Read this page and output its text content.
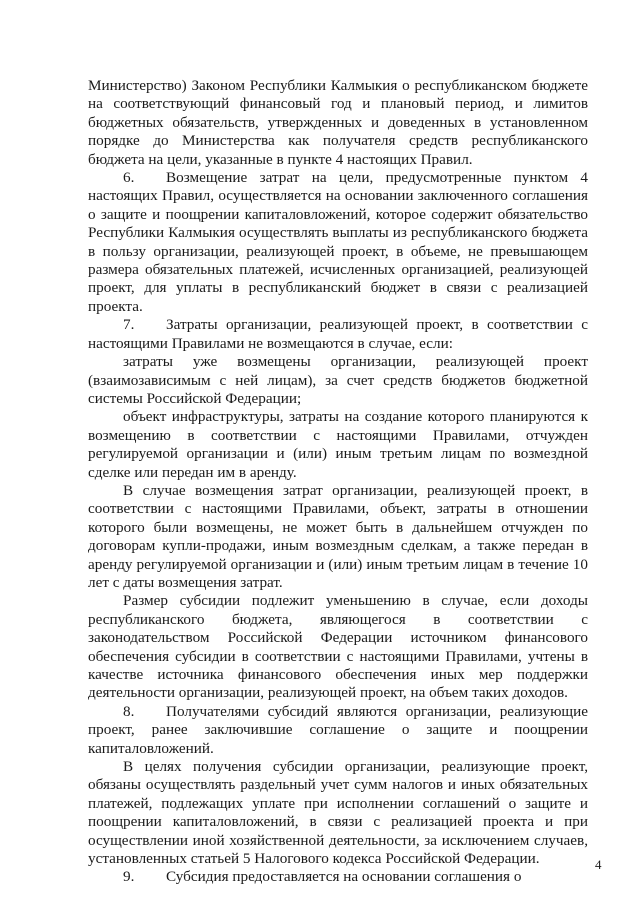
Министерство) Законом Республики Калмыкия о республиканском бюджете на соответствующий финансовый год и плановый период, и лимитов бюджетных обязательств, утвержденных и доведенных в установленном порядке до Министерства как получателя средств республиканского бюджета на цели, указанные в пункте 4 настоящих Правил.

6. Возмещение затрат на цели, предусмотренные пунктом 4 настоящих Правил, осуществляется на основании заключенного соглашения о защите и поощрении капиталовложений, которое содержит обязательство Республики Калмыкия осуществлять выплаты из республиканского бюджета в пользу организации, реализующей проект, в объеме, не превышающем размера обязательных платежей, исчисленных организацией, реализующей проект, для уплаты в республиканский бюджет в связи с реализацией проекта.

7. Затраты организации, реализующей проект, в соответствии с настоящими Правилами не возмещаются в случае, если:

затраты уже возмещены организации, реализующей проект (взаимозависимым с ней лицам), за счет средств бюджетов бюджетной системы Российской Федерации;

объект инфраструктуры, затраты на создание которого планируются к возмещению в соответствии с настоящими Правилами, отчужден регулируемой организации и (или) иным третьим лицам по возмездной сделке или передан им в аренду.

В случае возмещения затрат организации, реализующей проект, в соответствии с настоящими Правилами, объект, затраты в отношении которого были возмещены, не может быть в дальнейшем отчужден по договорам купли-продажи, иным возмездным сделкам, а также передан в аренду регулируемой организации и (или) иным третьим лицам в течение 10 лет с даты возмещения затрат.

Размер субсидии подлежит уменьшению в случае, если доходы республиканского бюджета, являющегося в соответствии с законодательством Российской Федерации источником финансового обеспечения субсидии в соответствии с настоящими Правилами, учтены в качестве источника финансового обеспечения иных мер поддержки деятельности организации, реализующей проект, на объем таких доходов.

8. Получателями субсидий являются организации, реализующие проект, ранее заключившие соглашение о защите и поощрении капиталовложений.

В целях получения субсидии организации, реализующие проект, обязаны осуществлять раздельный учет сумм налогов и иных обязательных платежей, подлежащих уплате при исполнении соглашений о защите и поощрении капиталовложений, в связи с реализацией проекта и при осуществлении иной хозяйственной деятельности, за исключением случаев, установленных статьей 5 Налогового кодекса Российской Федерации.

9. Субсидия предоставляется на основании соглашения о

4
